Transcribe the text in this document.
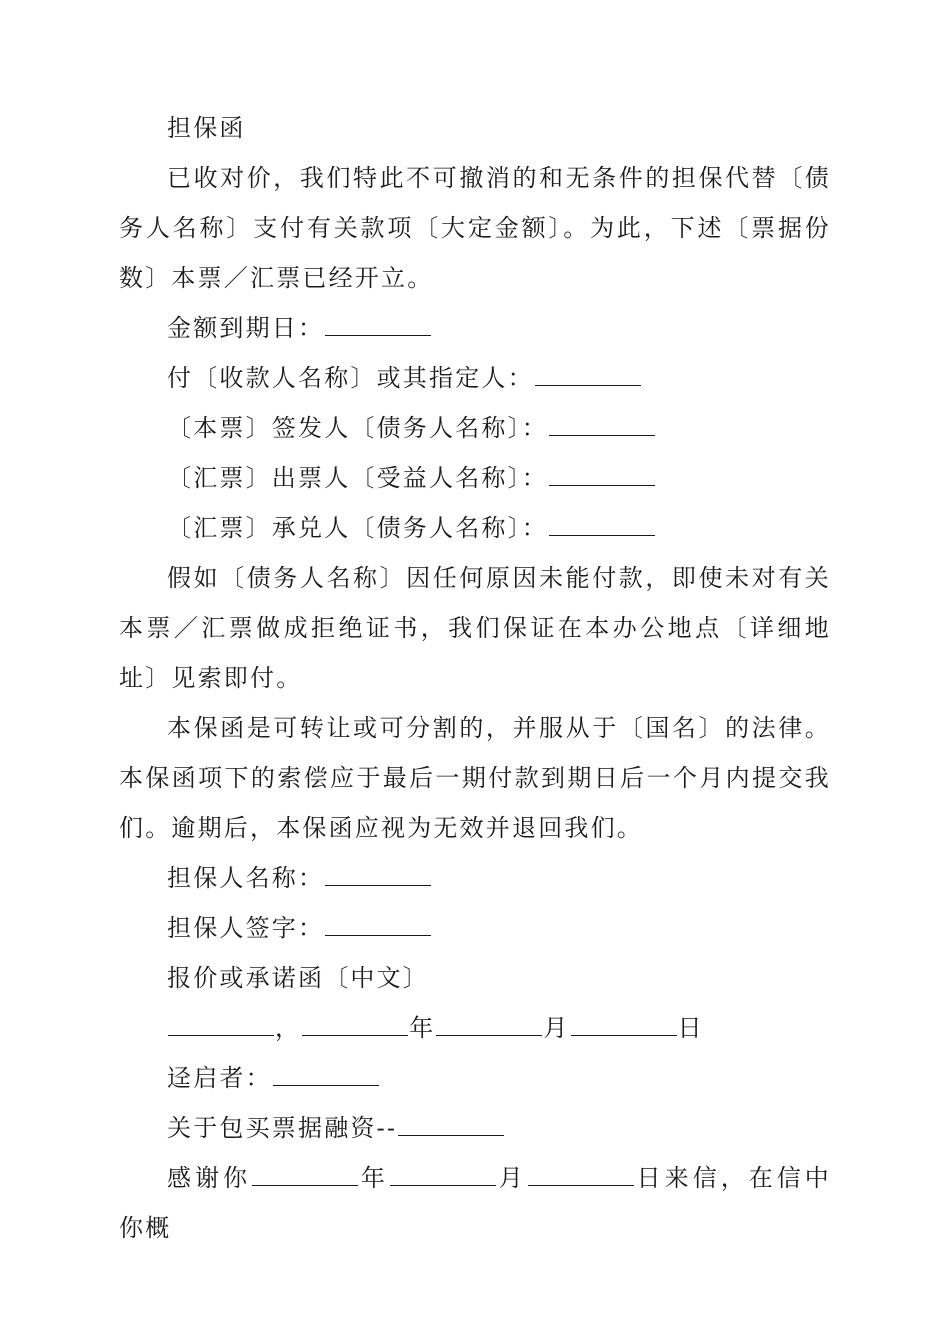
担保函

已收对价，我们特此不可撤消的和无条件的担保代替〔债务人名称〕支付有关款项〔大定金额〕。为此，下述〔票据份数〕本票／汇票已经开立。

金额到期日：

付〔收款人名称〕或其指定人：

〔本票〕签发人〔债务人名称〕：

〔汇票〕出票人〔受益人名称〕：

〔汇票〕承兑人〔债务人名称〕：

假如〔债务人名称〕因任何原因未能付款，即使未对有关本票／汇票做成拒绝证书，我们保证在本办公地点〔详细地址〕见索即付。

本保函是可转让或可分割的，并服从于〔国名〕的法律。本保函项下的索偿应于最后一期付款到期日后一个月内提交我们。逾期后，本保函应视为无效并退回我们。

担保人名称：

担保人签字：

报价或承诺函〔中文〕

，	年	月	日

迳启者：

关于包买票据融资--

感谢你	年	月	日来信，在信中你概
